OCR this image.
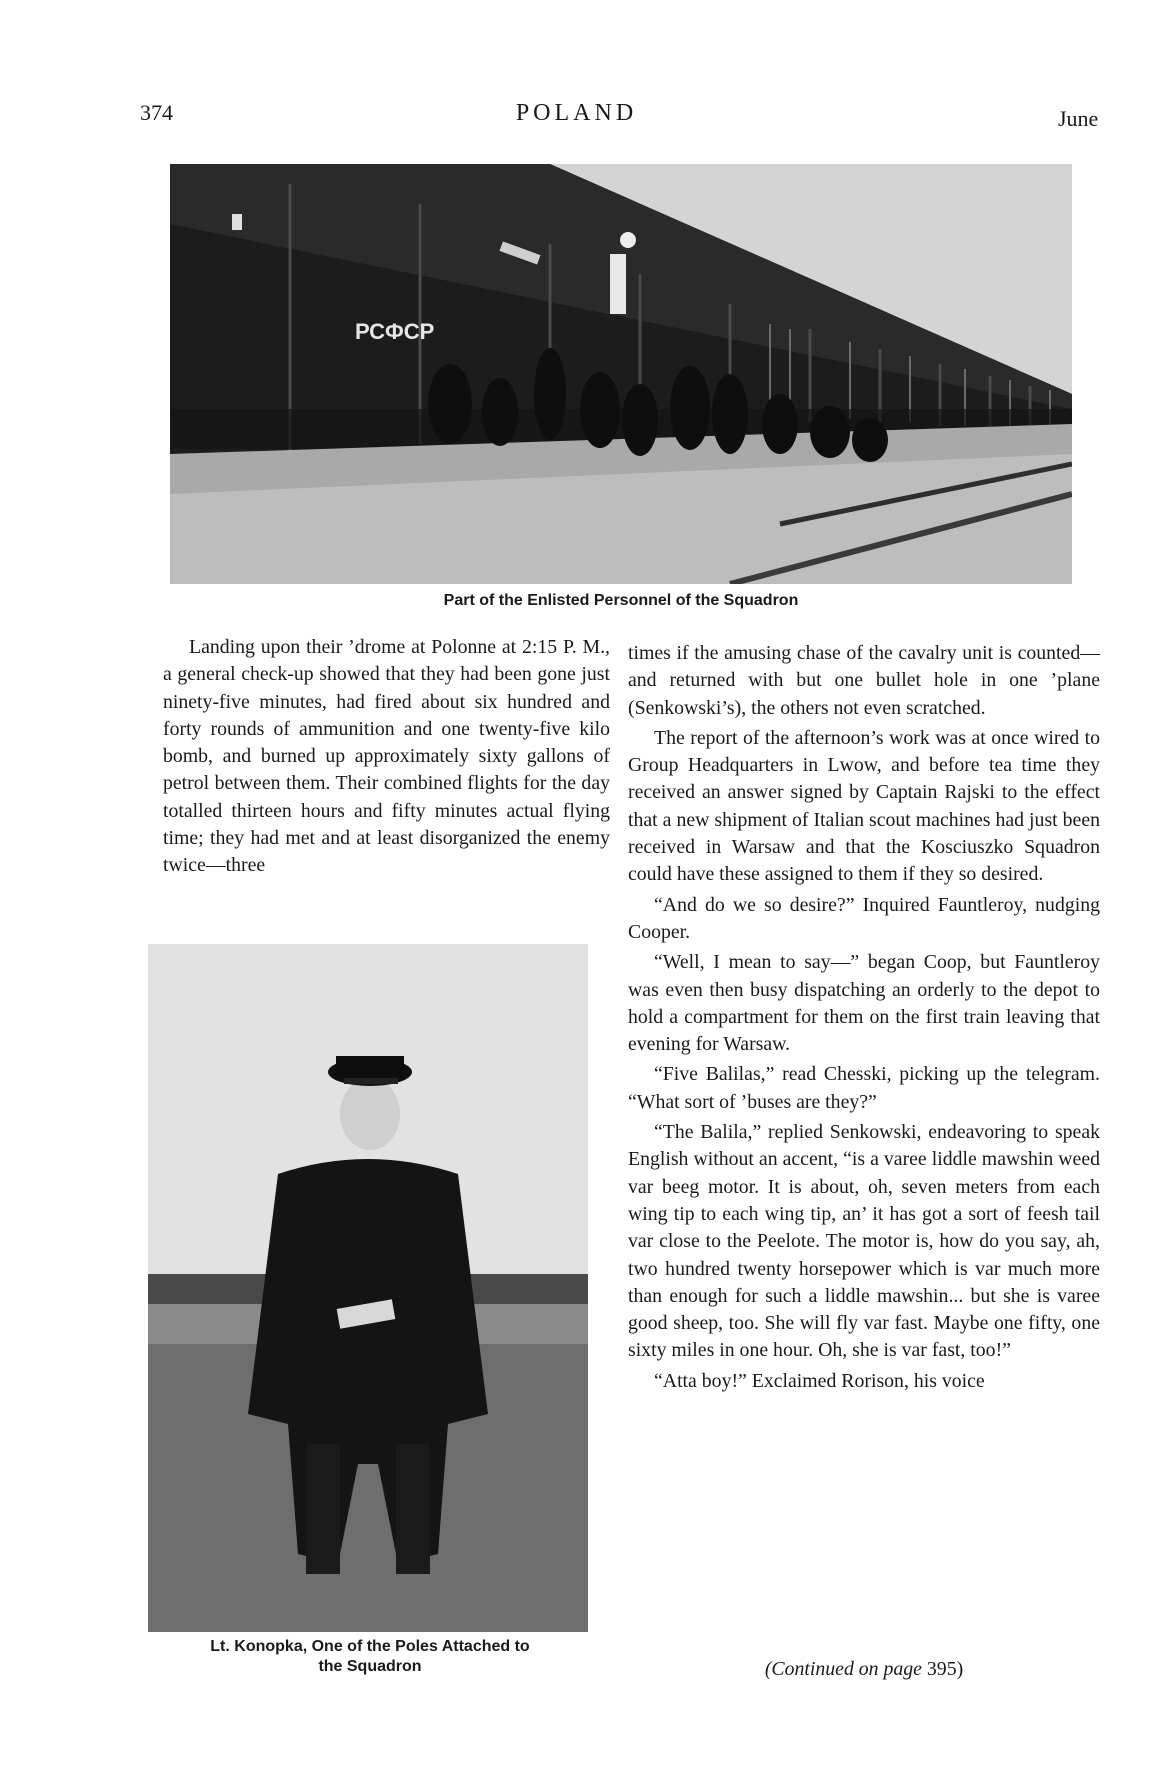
374	POLAND	June
РСФСР
Part of the Enlisted Personnel of the Squadron

Landing upon their ’drome at Polonne at 2:15 P. M., a general check-up showed that they had been gone just ninety-five minutes, had fired about six hundred and forty rounds of ammunition and one twenty-five kilo bomb, and burned up approximately sixty gallons of petrol between them. Their combined flights for the day totalled thirteen hours and fifty minutes actual flying time; they had met and at least disorganized the enemy twice—three

Lt. Konopka, One of the Poles Attached to
the Squadron

times if the amusing chase of the cavalry unit is counted—and returned with but one bullet hole in one ’plane (Senkowski’s), the others not even scratched.

The report of the afternoon’s work was at once wired to Group Headquarters in Lwow, and before tea time they received an answer signed by Captain Rajski to the effect that a new shipment of Italian scout machines had just been received in Warsaw and that the Kosciuszko Squadron could have these assigned to them if they so desired.

“And do we so desire?” Inquired Fauntleroy, nudging Cooper.

“Well, I mean to say—” began Coop, but Fauntleroy was even then busy dispatching an orderly to the depot to hold a compartment for them on the first train leaving that evening for Warsaw.

“Five Balilas,” read Chesski, picking up the telegram. “What sort of ’buses are they?”

“The Balila,” replied Senkowski, endeavoring to speak English without an accent, “is a varee liddle mawshin weed var beeg motor. It is about, oh, seven meters from each wing tip to each wing tip, an’ it has got a sort of feesh tail var close to the Peelote. The motor is, how do you say, ah, two hundred twenty horsepower which is var much more than enough for such a liddle mawshin... but she is varee good sheep, too. She will fly var fast. Maybe one fifty, one sixty miles in one hour. Oh, she is var fast, too!”

“Atta boy!” Exclaimed Rorison, his voice

(Continued on page 395)
